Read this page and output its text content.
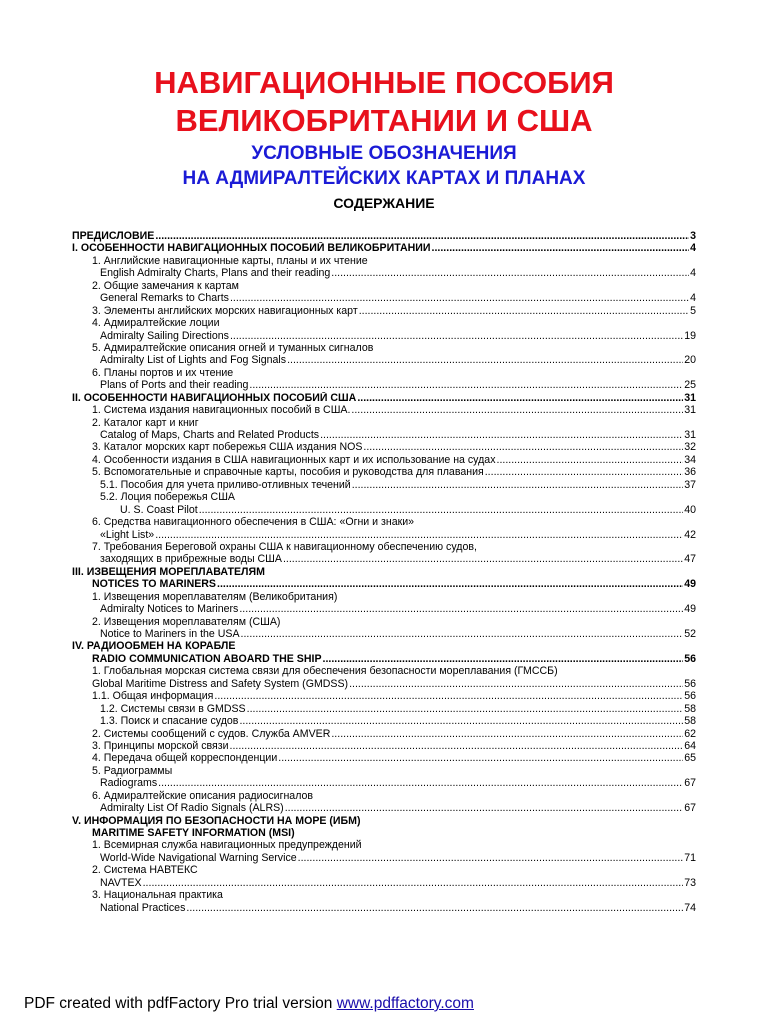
НАВИГАЦИОННЫЕ ПОСОБИЯ
ВЕЛИКОБРИТАНИИ И США
УСЛОВНЫЕ ОБОЗНАЧЕНИЯ
НА АДМИРАЛТЕЙСКИХ КАРТАХ И ПЛАНАХ
СОДЕРЖАНИЕ
ПРЕДИСЛОВИЕ .....	3
I. ОСОБЕННОСТИ НАВИГАЦИОННЫХ ПОСОБИЙ ВЕЛИКОБРИТАНИИ .....	4
1. Английские навигационные карты, планы и их чтение
English Admiralty Charts, Plans and their reading .....	4
2. Общие замечания к картам
General Remarks to Charts .....	4
3. Элементы английских морских навигационных карт .....	5
4. Адмиралтейские лоции
Admiralty Sailing Directions .....	19
5. Адмиралтейские описания огней и туманных сигналов
Admiralty List of Lights and Fog Signals .....	20
6. Планы портов и их чтение
Plans of Ports and their reading .....	25
II. ОСОБЕННОСТИ НАВИГАЦИОННЫХ ПОСОБИЙ США .....	31
1. Система издания навигационных пособий в США. .....	31
2. Каталог карт и книг
Catalog of Maps, Charts and Related Products .....	31
3. Каталог морских карт побережья США издания NOS .....	32
4. Особенности издания в США навигационных карт и их использование на судах .....	34
5. Вспомогательные и справочные карты, пособия и руководства для плавания .....	36
5.1. Пособия для учета приливо-отливных течений .....	37
5.2. Лоция побережья США
U. S. Coast Pilot .....	40
6. Средства навигационного обеспечения в США: «Огни и знаки»
«Light List» .....	42
7. Требования Береговой охраны США к навигационному обеспечению судов,
заходящих в прибрежные воды США .....	47
III. ИЗВЕЩЕНИЯ МОРЕПЛАВАТЕЛЯМ
NOTICES TO MARINERS .....	49
1. Извещения мореплавателям (Великобритания)
Admiralty Notices to Mariners .....	49
2. Извещения мореплавателям (США)
Notice to Mariners in the USA .....	52
IV. РАДИООБМЕН НА КОРАБЛЕ
RADIO COMMUNICATION ABOARD THE SHIP .....	56
1. Глобальная морская система связи для обеспечения безопасности мореплавания (ГМССБ)
Global Maritime Distress and Safety System (GMDSS) .....	56
1.1. Общая информация .....	56
1.2. Системы связи в GMDSS .....	58
1.3. Поиск и спасание судов .....	58
2. Системы сообщений с судов. Служба AMVER .....	62
3. Принципы морской связи .....	64
4. Передача общей корреспонденции .....	65
5. Радиограммы
Radiograms .....	67
6. Адмиралтейские описания радиосигналов
Admiralty List Of Radio Signals (ALRS) .....	67
V. ИНФОРМАЦИЯ ПО БЕЗОПАСНОСТИ НА МОРЕ (ИБМ)
MARITIME SAFETY INFORMATION (MSI)
1. Всемирная служба навигационных предупреждений
World-Wide Navigational Warning Service .....	71
2. Система НАВТЕКС
NAVTEX .....	73
3. Национальная практика
National Practices .....	74
PDF created with pdfFactory Pro trial version www.pdffactory.com
